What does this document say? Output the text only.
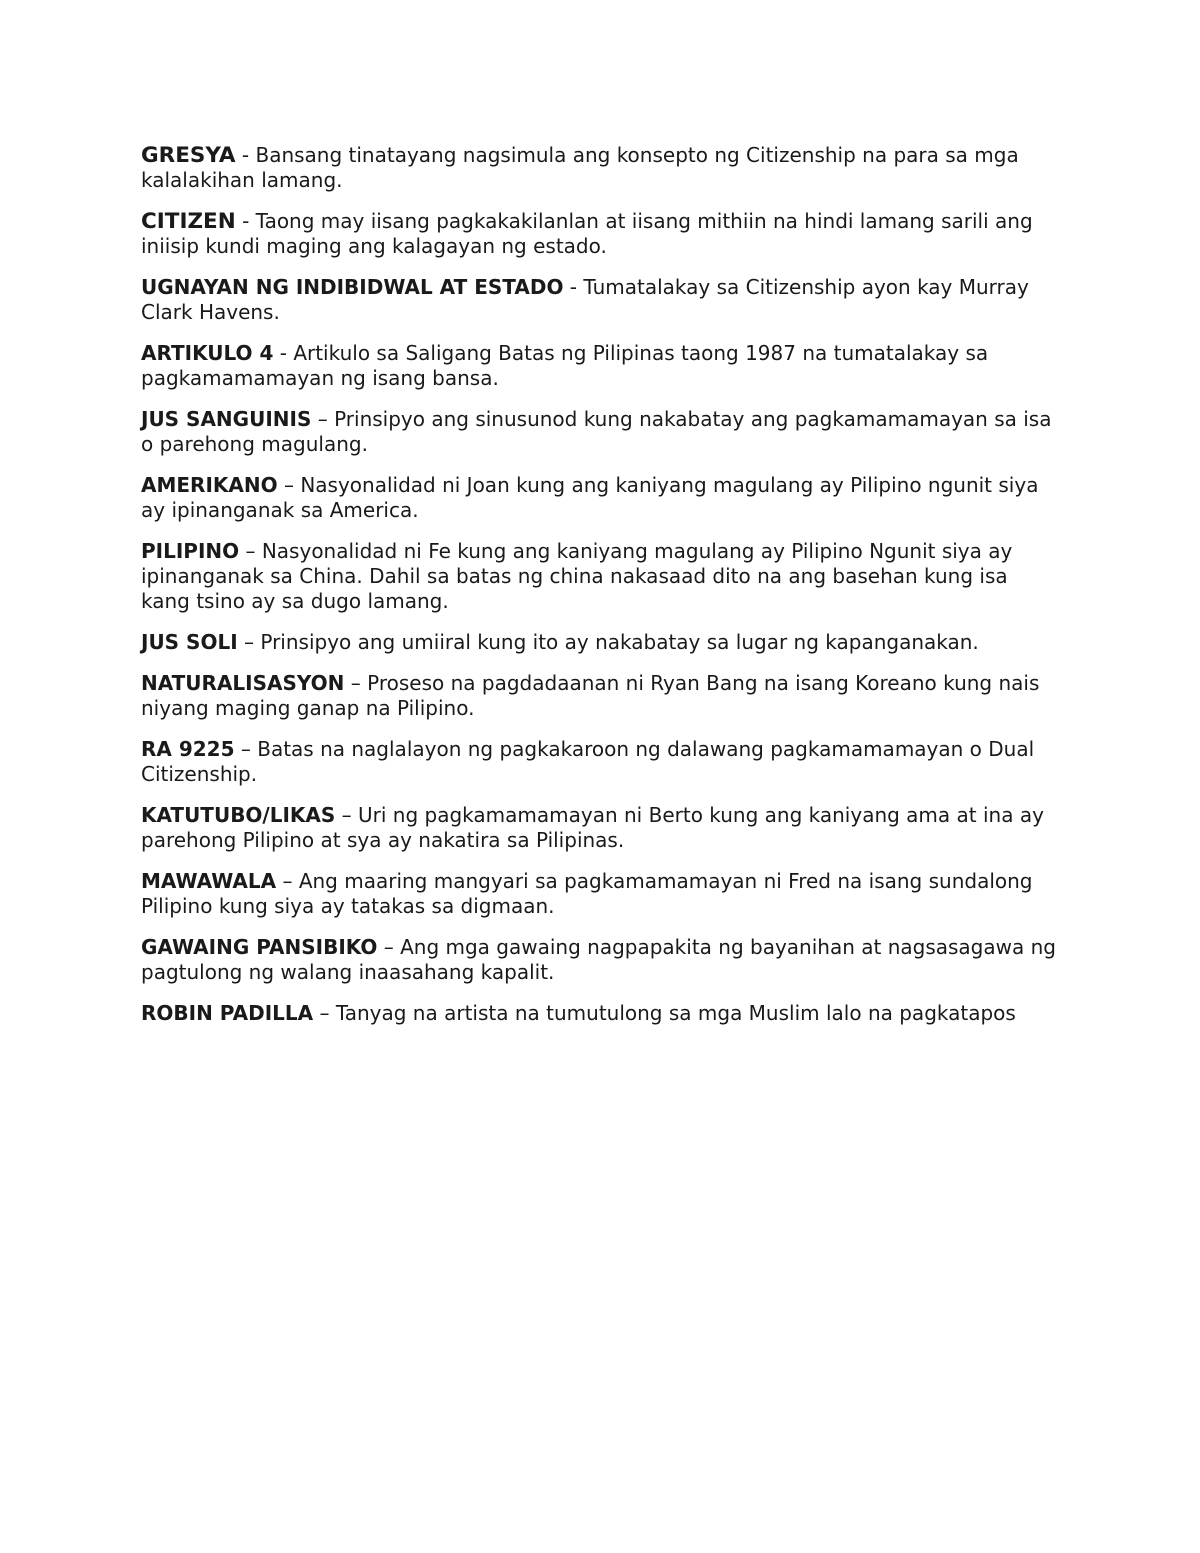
GRESYA - Bansang tinatayang nagsimula ang konsepto ng Citizenship na para sa mga kalalakihan lamang.

CITIZEN - Taong may iisang pagkakakilanlan at iisang mithiin na hindi lamang sarili ang iniisip kundi maging ang kalagayan ng estado.

UGNAYAN NG INDIBIDWAL AT ESTADO - Tumatalakay sa Citizenship ayon kay Murray Clark Havens.

ARTIKULO 4 - Artikulo sa Saligang Batas ng Pilipinas taong 1987 na tumatalakay sa pagkamamamayan ng isang bansa.

JUS SANGUINIS – Prinsipyo ang sinusunod kung nakabatay ang pagkamamamayan sa isa o parehong magulang.

AMERIKANO – Nasyonalidad ni Joan kung ang kaniyang magulang ay Pilipino ngunit siya ay ipinanganak sa America.

PILIPINO – Nasyonalidad ni Fe kung ang kaniyang magulang ay Pilipino Ngunit siya ay ipinanganak sa China. Dahil sa batas ng china nakasaad dito na ang basehan kung isa kang tsino ay sa dugo lamang.

JUS SOLI – Prinsipyo ang umiiral kung ito ay nakabatay sa lugar ng kapanganakan.

NATURALISASYON – Proseso na pagdadaanan ni Ryan Bang na isang Koreano kung nais niyang maging ganap na Pilipino.

RA 9225 – Batas na naglalayon ng pagkakaroon ng dalawang pagkamamamayan o Dual Citizenship.

KATUTUBO/LIKAS – Uri ng pagkamamamayan ni Berto kung ang kaniyang ama at ina ay parehong Pilipino at sya ay nakatira sa Pilipinas.

MAWAWALA – Ang maaring mangyari sa pagkamamamayan ni Fred na isang sundalong Pilipino kung siya ay tatakas sa digmaan.

GAWAING PANSIBIKO – Ang mga gawaing nagpapakita ng bayanihan at nagsasagawa ng pagtulong ng walang inaasahang kapalit.

ROBIN PADILLA – Tanyag na artista na tumutulong sa mga Muslim lalo na pagkatapos
